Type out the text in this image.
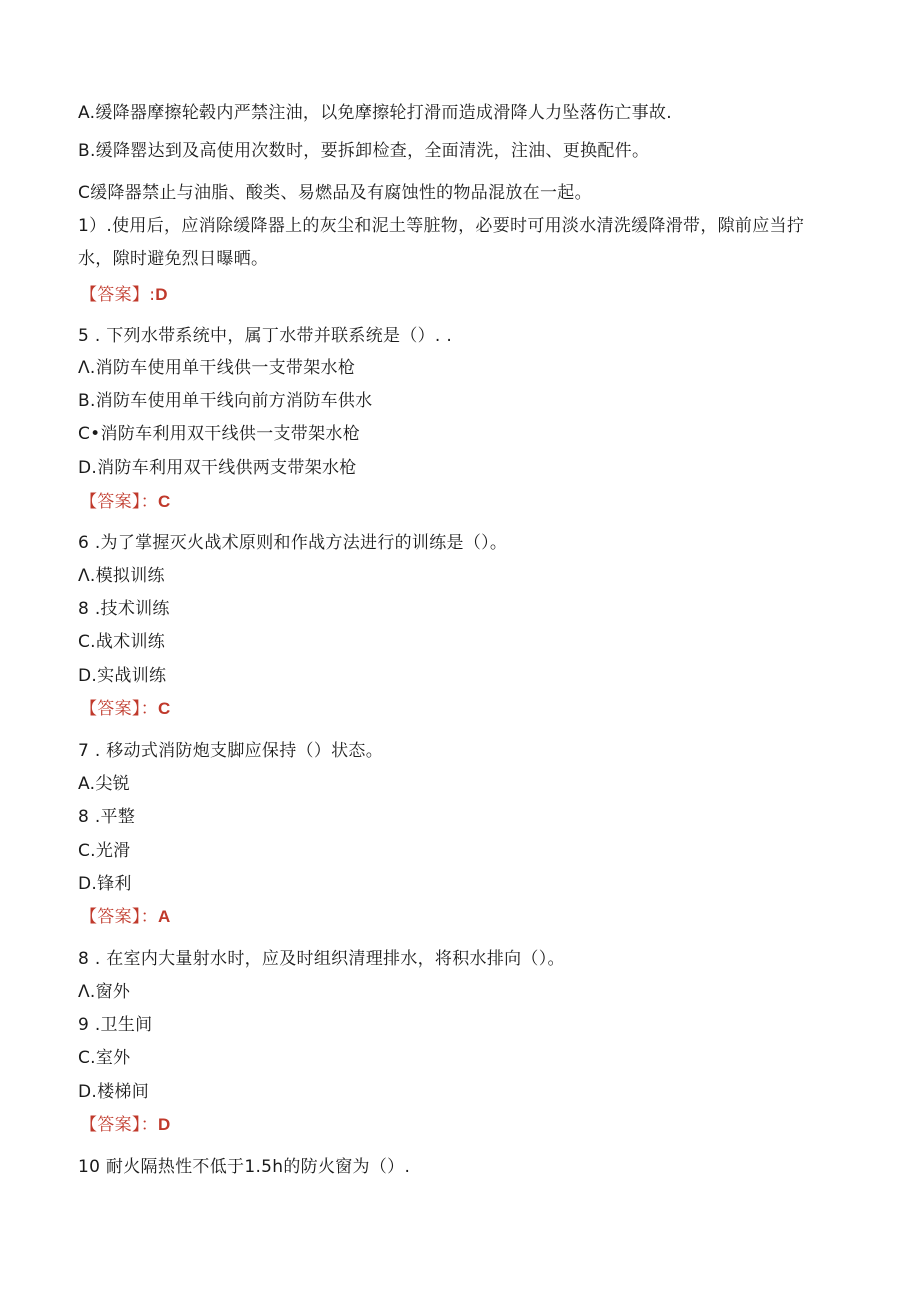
A.缓降器摩擦轮毂内严禁注油，以免摩擦轮打滑而造成滑降人力坠落伤亡事故.
B.缓降罂达到及高使用次数时，要拆卸检查，全面清洗，注油、更换配件。
C缓降器禁止与油脂、酸类、易燃品及有腐蚀性的物品混放在一起。
1）.使用后，应消除缓降器上的灰尘和泥土等脏物，必要时可用淡水清洗缓降滑带，隙前应当拧水，隙时避免烈日曝晒。
【答案】:D
5 . 下列水带系统中，属丁水带并联系统是（）. .
Λ.消防车使用单干线供一支带架水枪
B.消防车使用单干线向前方消防车供水
C•消防车利用双干线供一支带架水枪
D.消防车利用双干线供两支带架水枪
【答案】：C
6 .为了掌握灭火战术原则和作战方法进行的训练是（）。
Λ.模拟训练
8 .技术训练
C.战术训练
D.实战训练
【答案】：C
7 . 移动式消防炮支脚应保持（）状态。
A.尖锐
8 .平整
C.光滑
D.锋利
【答案】：A
8 . 在室内大量射水时，应及时组织清理排水，将积水排向（）。
Λ.窗外
9 .卫生间
C.室外
D.楼梯间
【答案】：D
10 耐火隔热性不低于1.5h的防火窗为（）.
